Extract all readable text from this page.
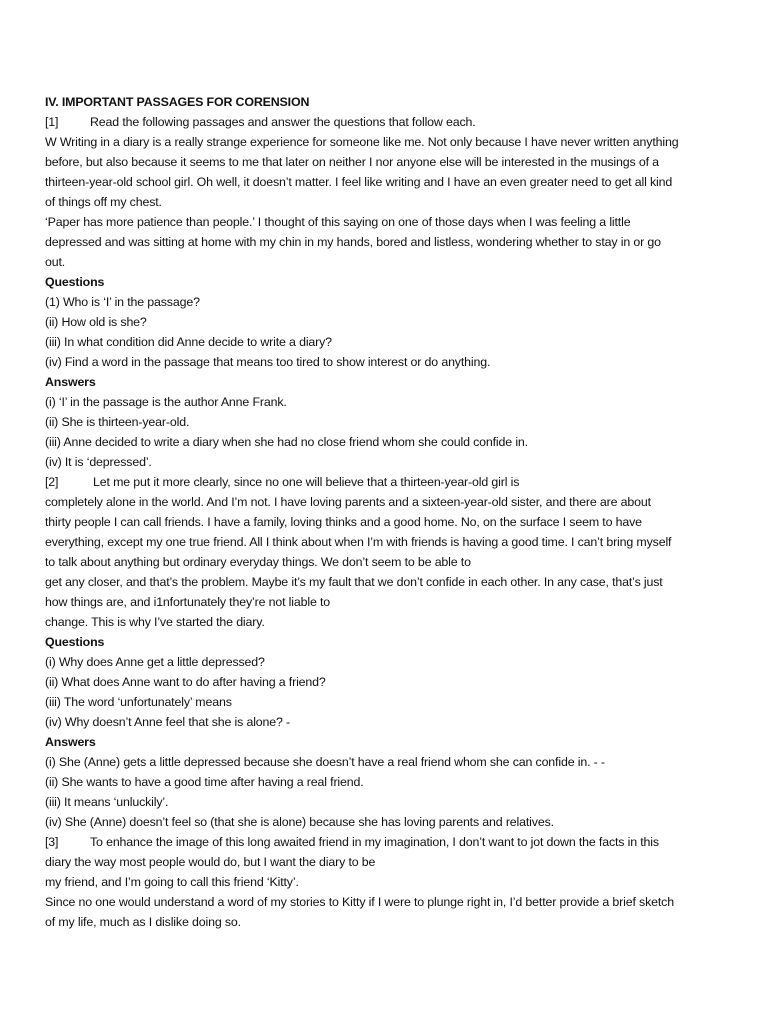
IV. IMPORTANT PASSAGES FOR CORENSION
[1]	Read the following passages and answer the questions that follow each.
W Writing in a diary is a really strange experience for someone like me. Not only because I have never written anything
before, but also because it seems to me that later on neither I nor anyone else will be interested in the musings of a
thirteen-year-old school girl. Oh well, it doesn’t matter. I feel like writing and I have an even greater need to get all kind
of things off my chest.
‘Paper has more patience than people.’ I thought of this saying on one of those days when I was feeling a little
depressed and was sitting at home with my chin in my hands, bored and listless, wondering whether to stay in or go
out.
Questions
(1) Who is ‘I’ in the passage?
(ii) How old is she?
(iii) In what condition did Anne decide to write a diary?
(iv) Find a word in the passage that means too tired to show interest or do anything.
Answers
(i) ‘I’ in the passage is the author Anne Frank.
(ii) She is thirteen-year-old.
(iii) Anne decided to write a diary when she had no close friend whom she could confide in.
(iv) It is ‘depressed’.
[2]	Let me put it more clearly, since no one will believe that a thirteen-year-old girl is
completely alone in the world. And I’m not. I have loving parents and a sixteen-year-old sister, and there are about
thirty people I can call friends. I have a family, loving thinks and a good home. No, on the surface I seem to have
everything, except my one true friend. All I think about when I’m with friends is having a good time. I can’t bring myself
to talk about anything but ordinary everyday things. We don’t seem to be able to
get any closer, and that’s the problem. Maybe it’s my fault that we don’t confide in each other. In any case, that’s just
how things are, and i1nfortunately they’re not liable to
change. This is why I’ve started the diary.
Questions
(i) Why does Anne get a little depressed?
(ii) What does Anne want to do after having a friend?
(iii) The word ‘unfortunately’ means
(iv) Why doesn’t Anne feel that she is alone? -
Answers
(i) She (Anne) gets a little depressed because she doesn’t have a real friend whom she can confide in. - -
(ii) She wants to have a good time after having a real friend.
(iii) It means ‘unluckily’.
(iv) She (Anne) doesn’t feel so (that she is alone) because she has loving parents and relatives.
[3]	To enhance the image of this long awaited friend in my imagination, I don’t want to jot down the facts in this
diary the way most people would do, but I want the diary to be
my friend, and I’m going to call this friend ‘Kitty’.
Since no one would understand a word of my stories to Kitty if I were to plunge right in, I’d better provide a brief sketch
of my life, much as I dislike doing so.
